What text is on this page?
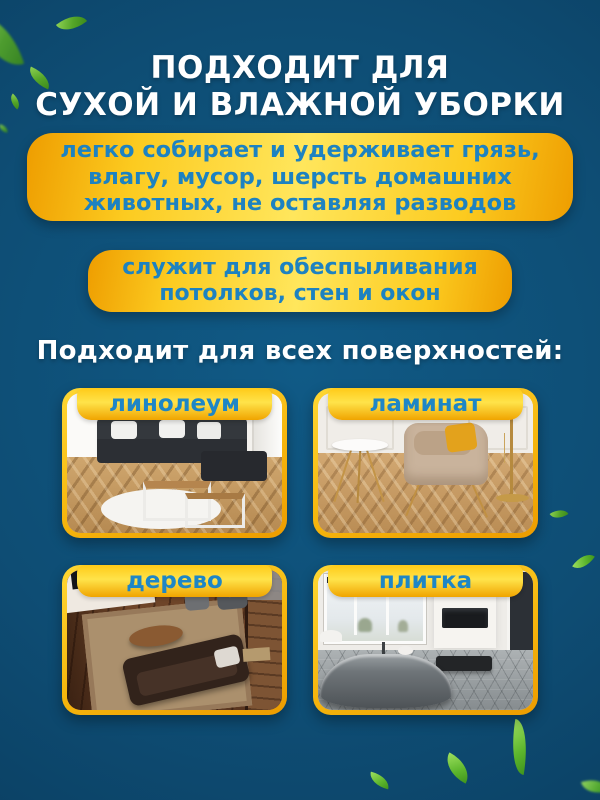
ПОДХОДИТ ДЛЯ
СУХОЙ И ВЛАЖНОЙ УБОРКИ
легко собирает и удерживает грязь,
влагу, мусор, шерсть домашних
животных, не оставляя разводов
служит для обеспыливания
потолков, стен и окон
Подходит для всех поверхностей:
линолеум	ламинат
дерево	плитка
